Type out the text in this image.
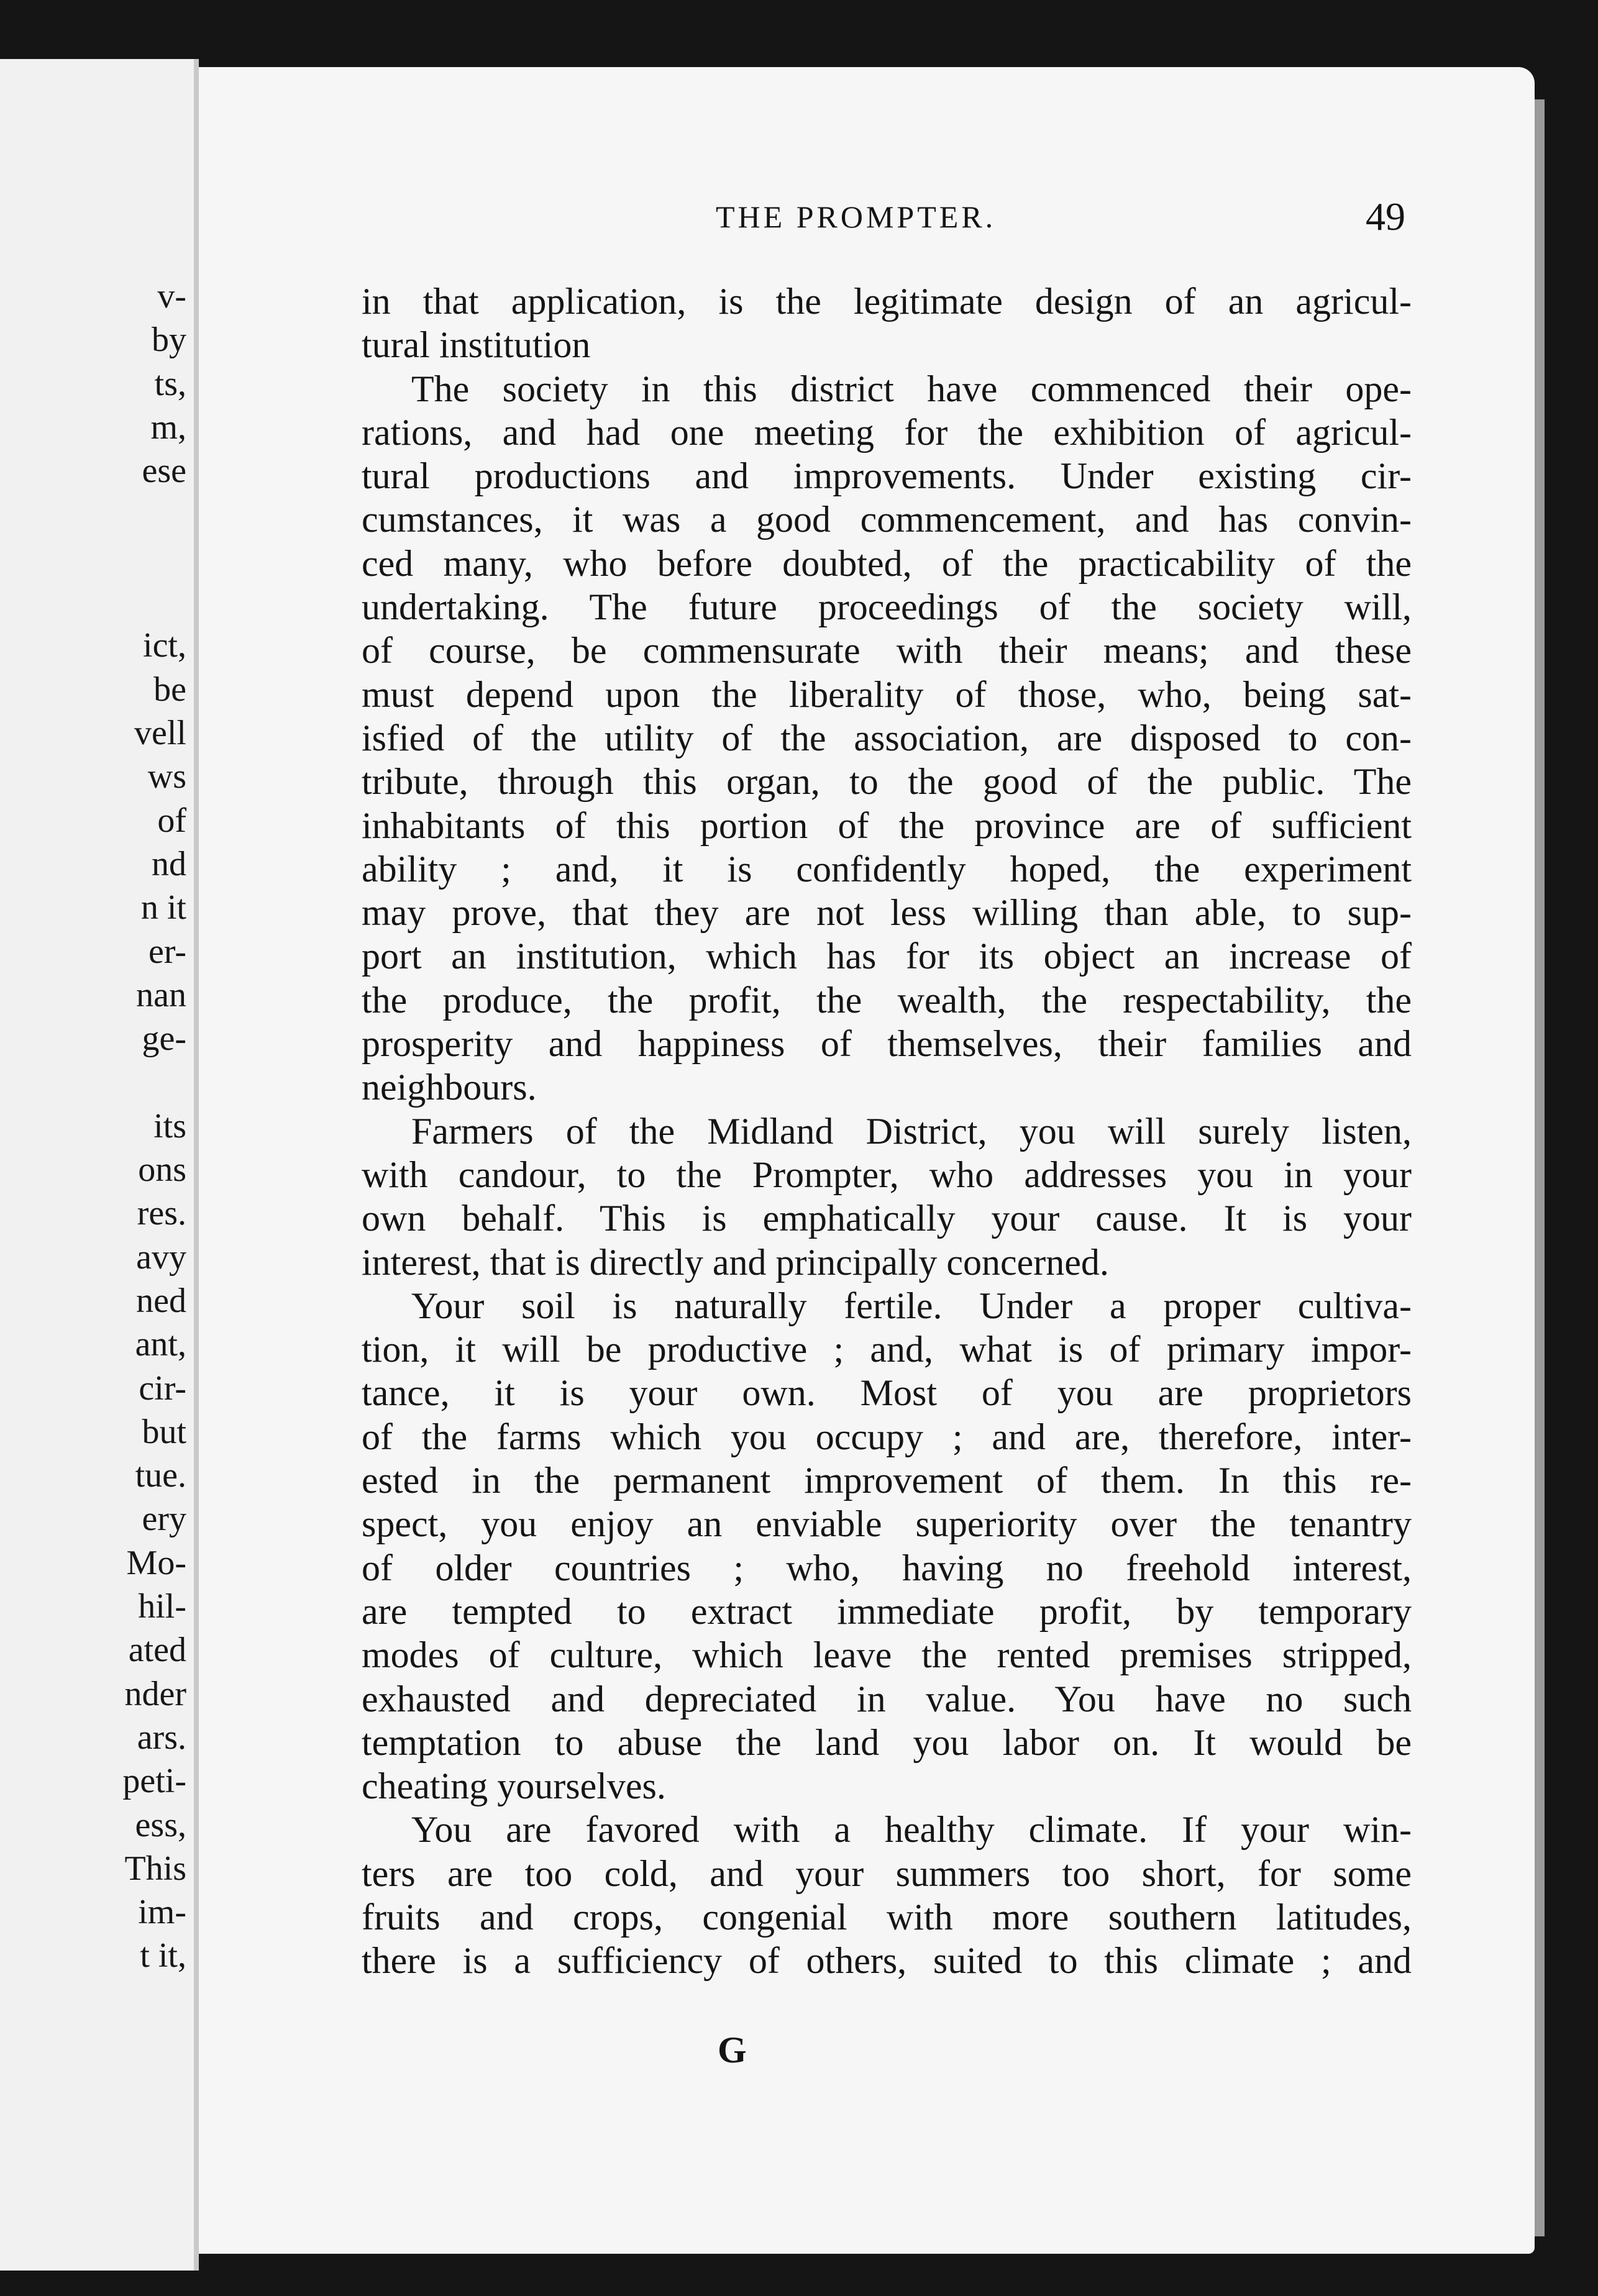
v-
by
ts,
m,
ese
ict,
be
vell
ws
of
nd
n it
er-
nan
ge-
its
ons
res.
avy
ned
ant,
cir-
but
tue.
ery
Mo-
hil-
ated
nder
ars.
peti-
ess,
This
im-
t it,
THE PROMPTER.	49
in that application, is the legitimate design of an agricul-
tural institution
The society in this district have commenced their ope-
rations, and had one meeting for the exhibition of agricul-
tural productions and improvements. Under existing cir-
cumstances, it was a good commencement, and has convin-
ced many, who before doubted, of the practicability of the
undertaking. The future proceedings of the society will,
of course, be commensurate with their means; and these
must depend upon the liberality of those, who, being sat-
isfied of the utility of the association, are disposed to con-
tribute, through this organ, to the good of the public. The
inhabitants of this portion of the province are of sufficient
ability ; and, it is confidently hoped, the experiment
may prove, that they are not less willing than able, to sup-
port an institution, which has for its object an increase of
the produce, the profit, the wealth, the respectability, the
prosperity and happiness of themselves, their families and
neighbours.
Farmers of the Midland District, you will surely listen,
with candour, to the Prompter, who addresses you in your
own behalf. This is emphatically your cause. It is your
interest, that is directly and principally concerned.
Your soil is naturally fertile. Under a proper cultiva-
tion, it will be productive ; and, what is of primary impor-
tance, it is your own. Most of you are proprietors
of the farms which you occupy ; and are, therefore, inter-
ested in the permanent improvement of them. In this re-
spect, you enjoy an enviable superiority over the tenantry
of older countries ; who, having no freehold interest,
are tempted to extract immediate profit, by temporary
modes of culture, which leave the rented premises stripped,
exhausted and depreciated in value. You have no such
temptation to abuse the land you labor on. It would be
cheating yourselves.
You are favored with a healthy climate. If your win-
ters are too cold, and your summers too short, for some
fruits and crops, congenial with more southern latitudes,
there is a sufficiency of others, suited to this climate ; and
G
